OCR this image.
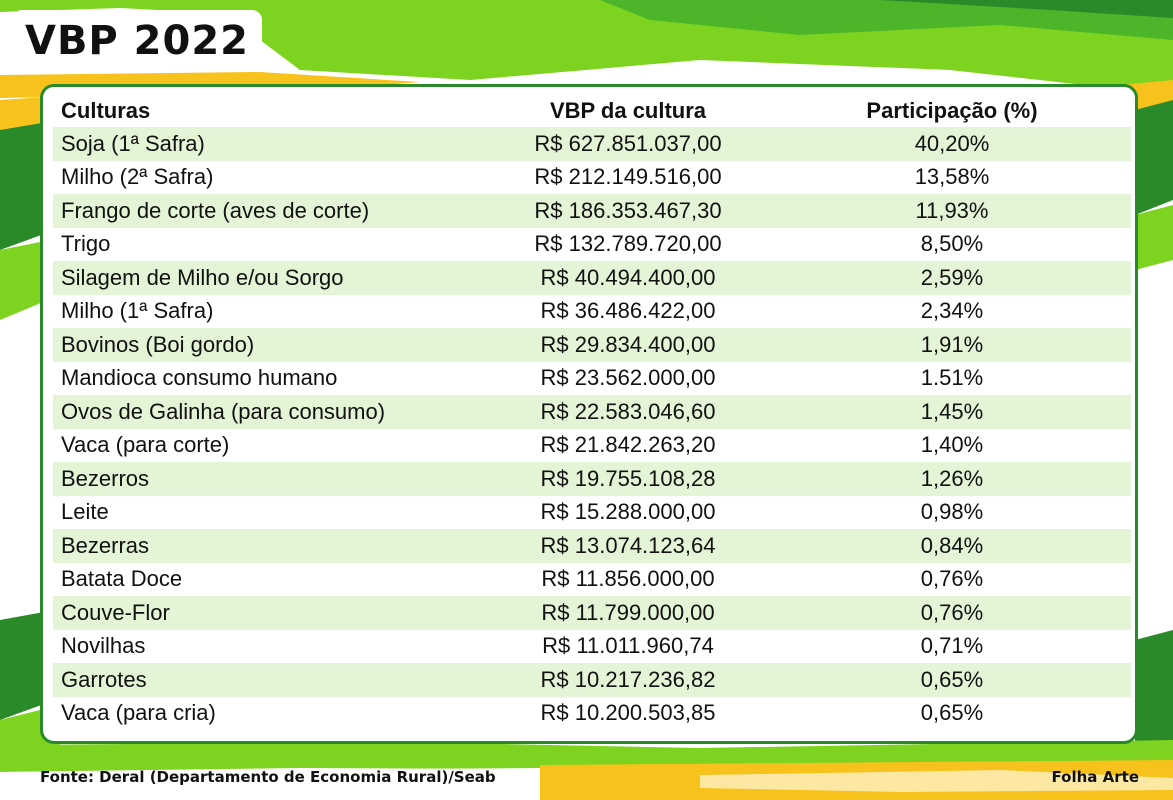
VBP 2022
Culturas	VBP da cultura	Participação (%)
Soja (1ª Safra)	R$ 627.851.037,00	40,20%
Milho (2ª Safra)	R$ 212.149.516,00	13,58%
Frango de corte (aves de corte)	R$ 186.353.467,30	11,93%
Trigo	R$ 132.789.720,00	8,50%
Silagem de Milho e/ou Sorgo	R$ 40.494.400,00	2,59%
Milho (1ª Safra)	R$ 36.486.422,00	2,34%
Bovinos (Boi gordo)	R$ 29.834.400,00	1,91%
Mandioca consumo humano	R$ 23.562.000,00	1.51%
Ovos de Galinha (para consumo)	R$ 22.583.046,60	1,45%
Vaca (para corte)	R$ 21.842.263,20	1,40%
Bezerros	R$ 19.755.108,28	1,26%
Leite	R$ 15.288.000,00	0,98%
Bezerras	R$ 13.074.123,64	0,84%
Batata Doce	R$ 11.856.000,00	0,76%
Couve-Flor	R$ 11.799.000,00	0,76%
Novilhas	R$ 11.011.960,74	0,71%
Garrotes	R$ 10.217.236,82	0,65%
Vaca (para cria)	R$ 10.200.503,85	0,65%
Fonte: Deral (Departamento de Economia Rural)/Seab	Folha Arte
